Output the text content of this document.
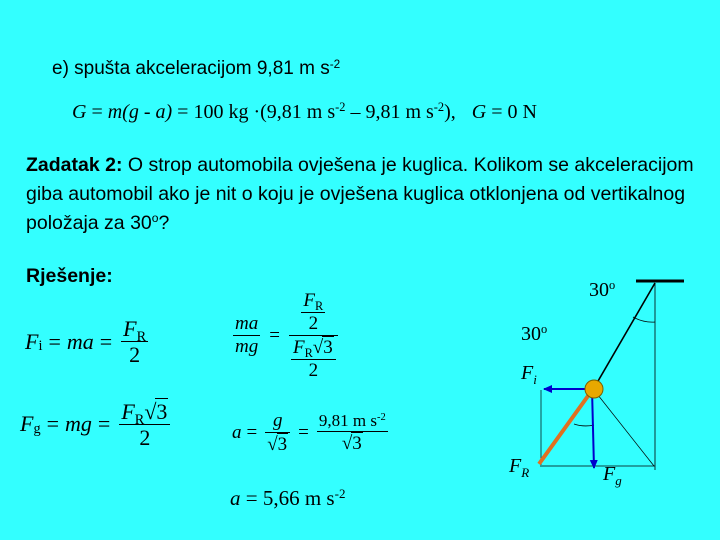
e) spušta akceleracijom 9,81 m $s^{-2}$
G = m(g - a) = 100 kg ·(9,81 m $s^{-2} - 9,81$ m $s^{-2}$), G = 0 N
Zadatak 2: O strop automobila ovješena je kuglica. Kolikom se akceleracijom giba automobil ako je nit o koju je ovješena kuglica otklonjena od vertikalnog položaja za 30$^o$?
Rješenje:
F i = ma = $\frac{F_R}{2}$
F g = mg = $\frac{F_R√3}{2}$
$\frac{ma}{mg} = \frac{\frac{F_R}{2}}{\frac{F_R√3}{2}}$
$a = \frac{g}{√3} = \frac{9,81 m s^{-2}}{√3}$
a = 5,66 m $s^{-2}$
30$^o$
30$^o$
$F_i$
$F_R$	$F_g$
